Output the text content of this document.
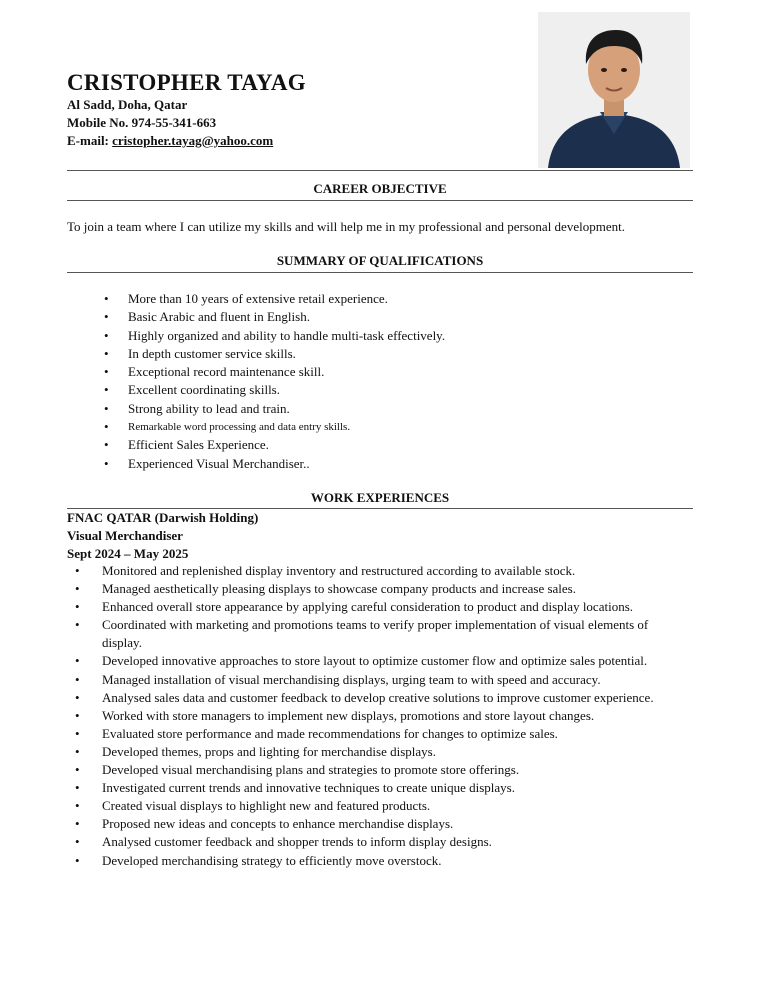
CRISTOPHER TAYAG
Al Sadd, Doha, Qatar
Mobile No. 974-55-341-663
E-mail: cristopher.tayag@yahoo.com
CAREER OBJECTIVE
To join a team where I can utilize my skills and will help me in my professional and personal development.
SUMMARY OF QUALIFICATIONS
• More than 10 years of extensive retail experience.
• Basic Arabic and fluent in English.
• Highly organized and ability to handle multi-task effectively.
• In depth customer service skills.
• Exceptional record maintenance skill.
• Excellent coordinating skills.
• Strong ability to lead and train.
• Remarkable word processing and data entry skills.
• Efficient Sales Experience.
• Experienced Visual Merchandiser..
WORK EXPERIENCES
FNAC QATAR (Darwish Holding)
Visual Merchandiser
Sept 2024 – May 2025
• Monitored and replenished display inventory and restructured according to available stock.
• Managed aesthetically pleasing displays to showcase company products and increase sales.
• Enhanced overall store appearance by applying careful consideration to product and display locations.
• Coordinated with marketing and promotions teams to verify proper implementation of visual elements of display.
• Developed innovative approaches to store layout to optimize customer flow and optimize sales potential.
• Managed installation of visual merchandising displays, urging team to with speed and accuracy.
• Analysed sales data and customer feedback to develop creative solutions to improve customer experience.
• Worked with store managers to implement new displays, promotions and store layout changes.
• Evaluated store performance and made recommendations for changes to optimize sales.
• Developed themes, props and lighting for merchandise displays.
• Developed visual merchandising plans and strategies to promote store offerings.
• Investigated current trends and innovative techniques to create unique displays.
• Created visual displays to highlight new and featured products.
• Proposed new ideas and concepts to enhance merchandise displays.
• Analysed customer feedback and shopper trends to inform display designs.
• Developed merchandising strategy to efficiently move overstock.
